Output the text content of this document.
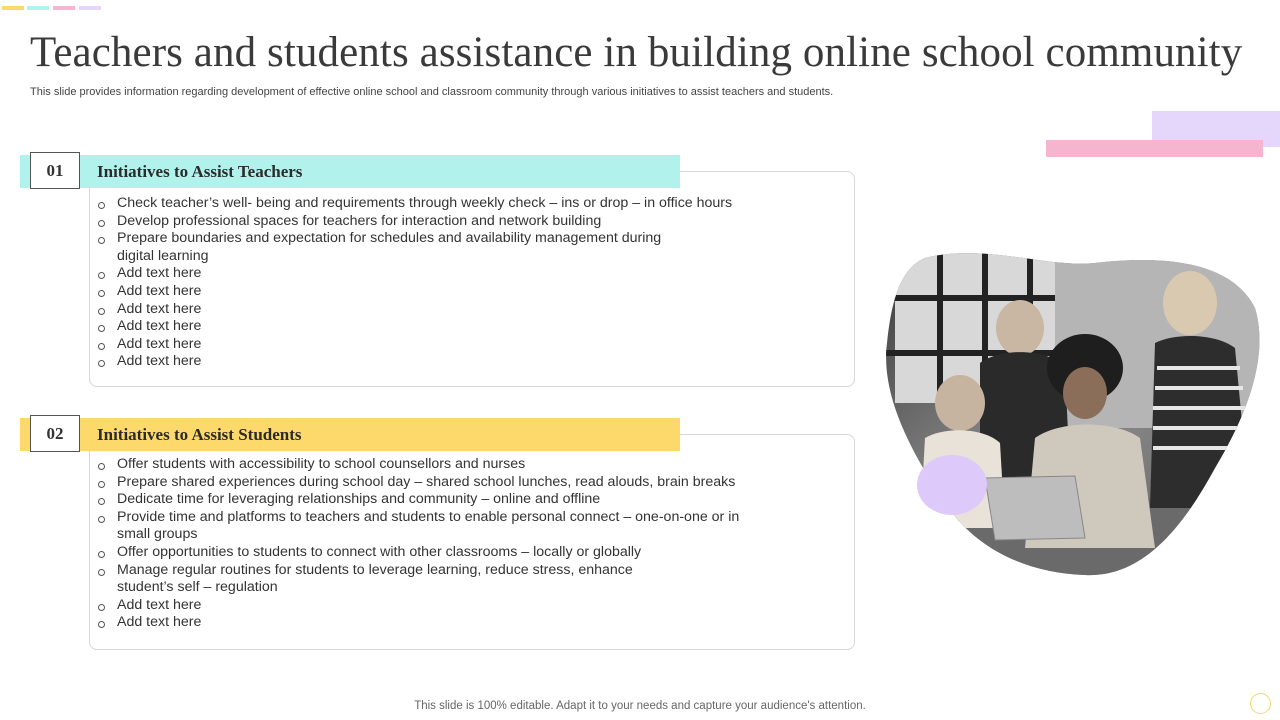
Teachers and students assistance in building online school community
This slide provides information regarding development of effective online school and classroom community through various initiatives to assist teachers and students.
01	Initiatives to Assist Teachers
Check teacher’s well- being and requirements through weekly check – ins or drop – in office hours
Develop professional spaces for teachers for interaction and network building
Prepare boundaries and expectation for schedules and availability management during digital learning
Add text here
Add text here
Add text here
Add text here
Add text here
Add text here
02	Initiatives to Assist Students
Offer students with accessibility to school counsellors and nurses
Prepare shared experiences during school day – shared school lunches, read alouds, brain breaks
Dedicate time for leveraging relationships and community – online and offline
Provide time and platforms to teachers and students to enable personal connect – one-on-one or in small groups
Offer opportunities to students to connect with other classrooms – locally or globally
Manage regular routines for students to leverage learning, reduce stress, enhance student’s self – regulation
Add text here
Add text here
This slide is 100% editable. Adapt it to your needs and capture your audience's attention.
